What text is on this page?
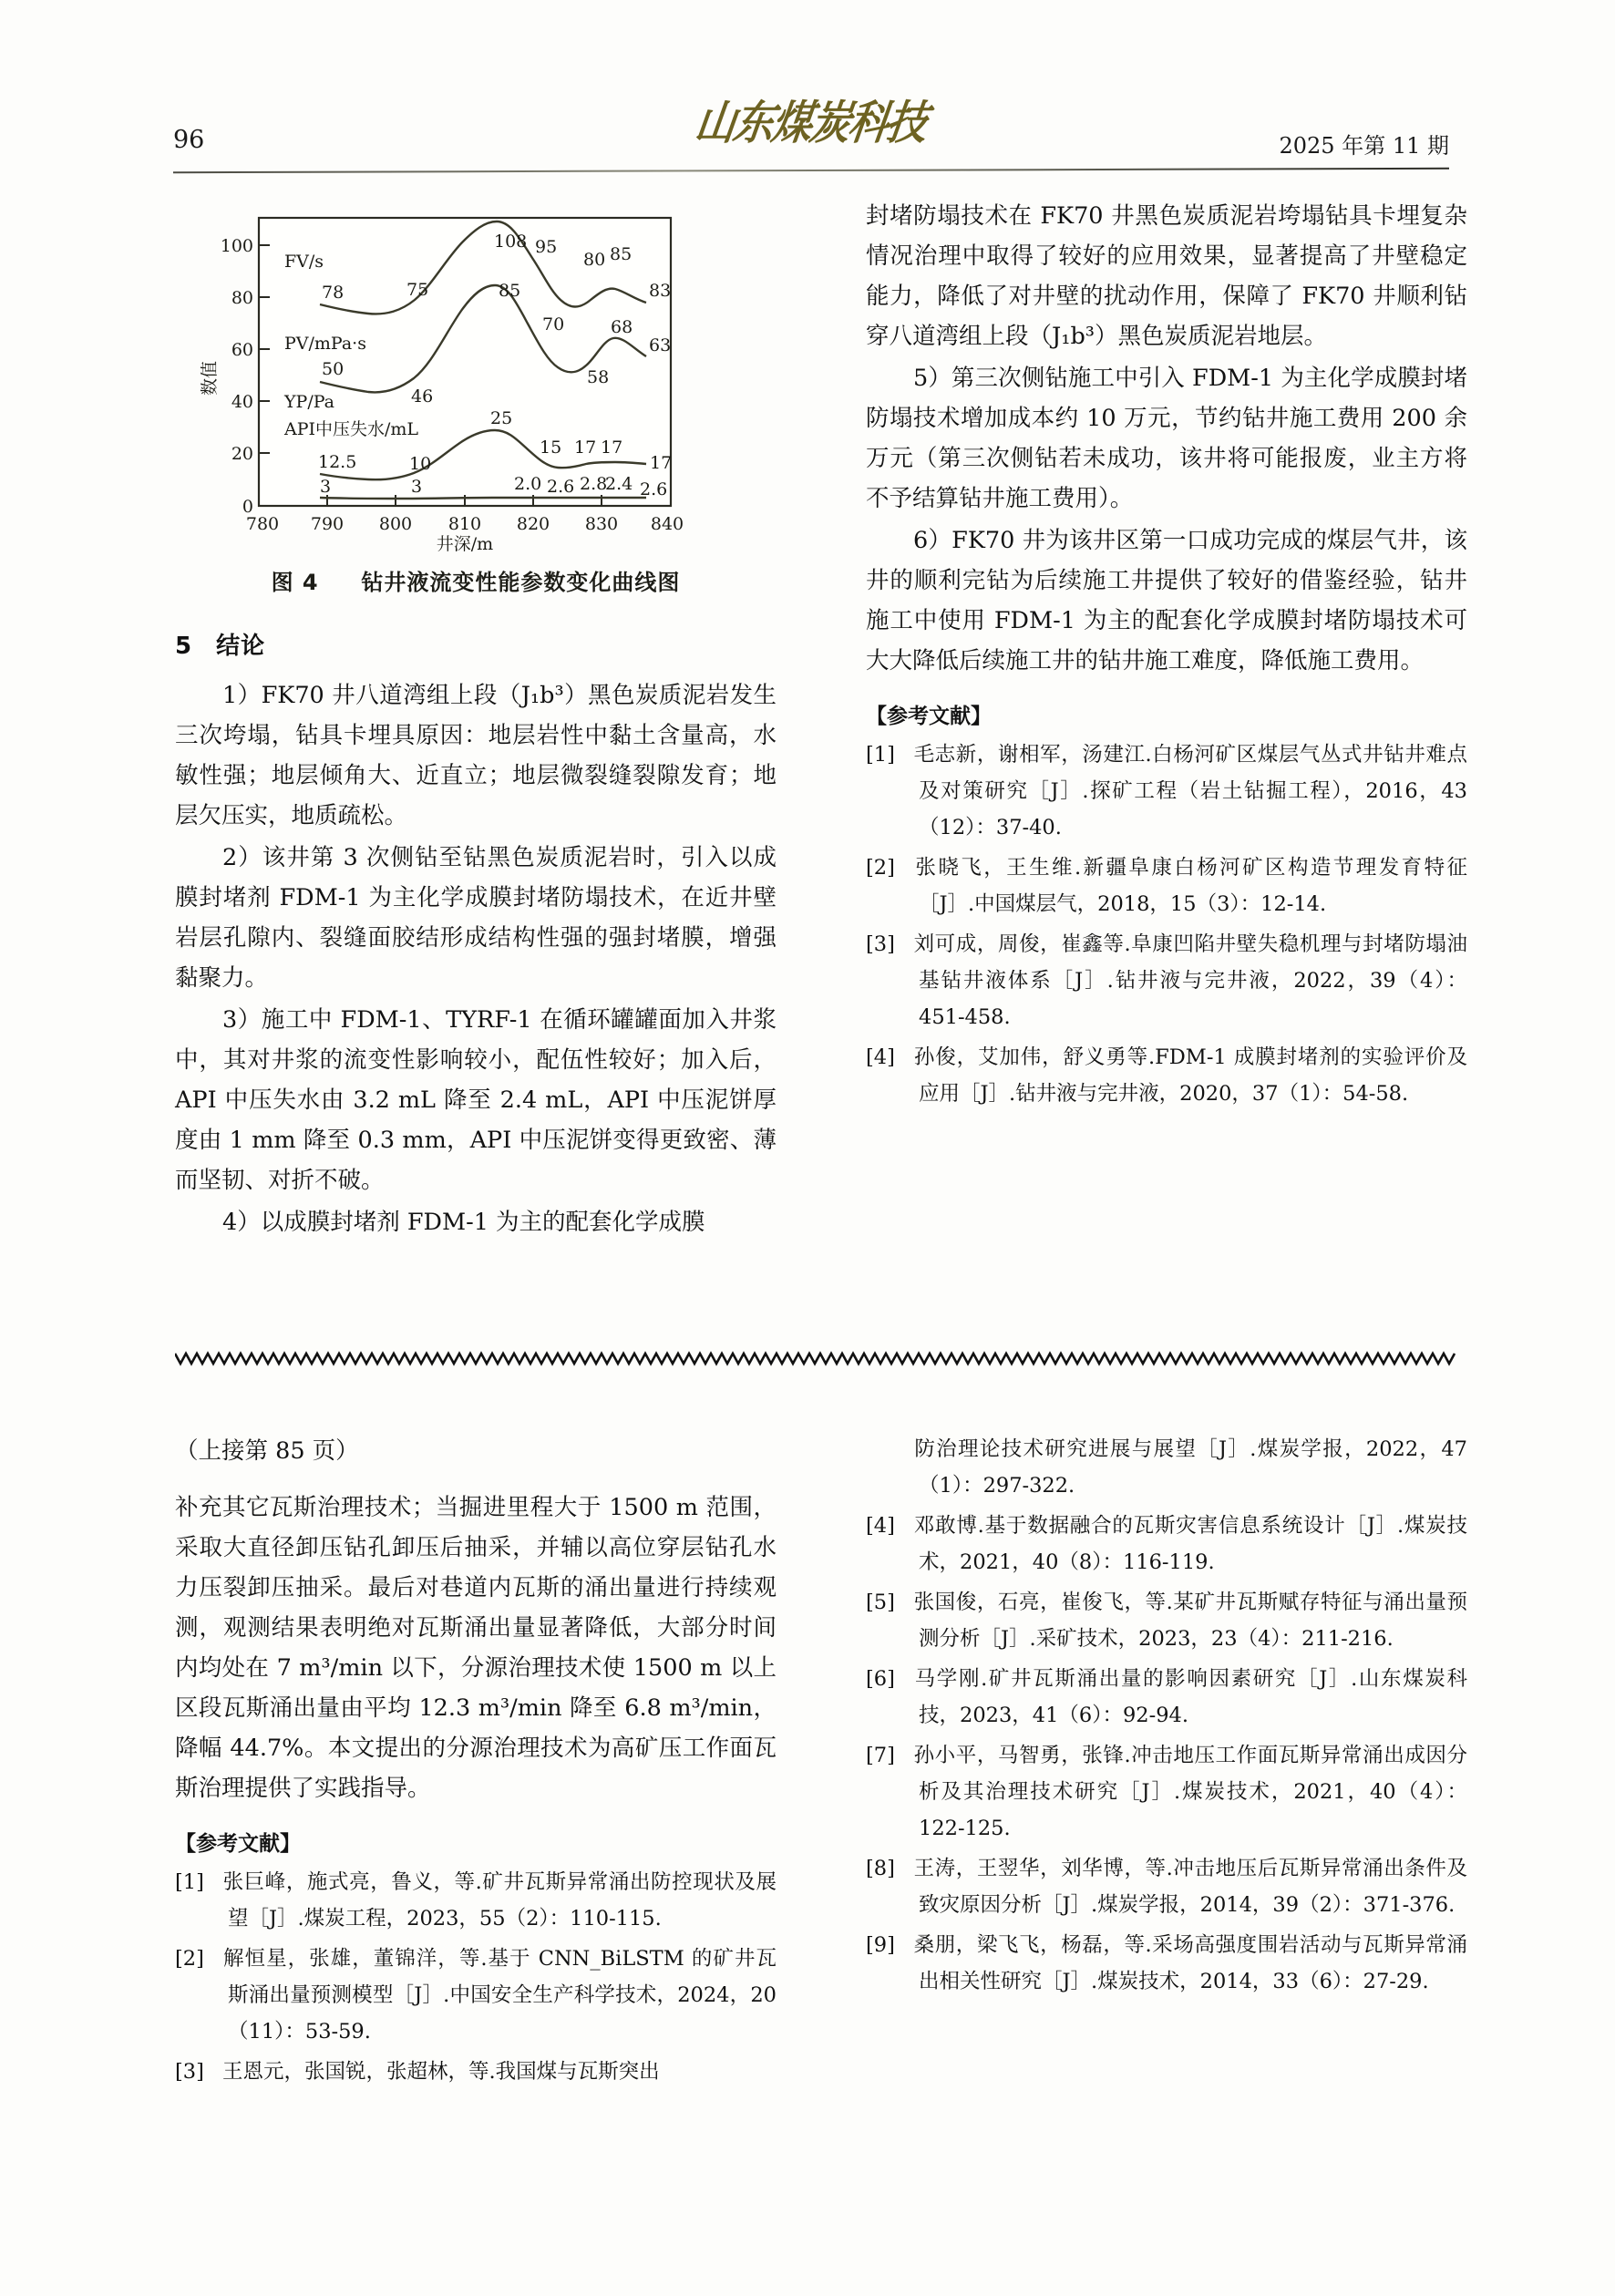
96	山东煤炭科技	2025 年第 11 期
100
80
60
40
20
0
数值
780 790 800 810 820 830 840
井深/m
FV/s
PV/mPa·s
YP/Pa
API中压失水/mL
78	75
108 95
80 85
83
50
46
85
70
58
68
63
12.5	10
25
15 17 17
17
3	3	2.0 2.6 2.8
2.4 2.6
图 4 钻井液流变性能参数变化曲线图
5 结论

1）FK70 井八道湾组上段（J₁b³）黑色炭质泥岩发生三次垮塌，钻具卡埋具原因：地层岩性中黏土含量高，水敏性强；地层倾角大、近直立；地层微裂缝裂隙发育；地层欠压实，地质疏松。

2）该井第 3 次侧钻至钻黑色炭质泥岩时，引入以成膜封堵剂 FDM-1 为主化学成膜封堵防塌技术，在近井壁岩层孔隙内、裂缝面胶结形成结构性强的强封堵膜，增强黏聚力。

3）施工中 FDM-1、TYRF-1 在循环罐罐面加入井浆中，其对井浆的流变性影响较小，配伍性较好；加入后，API 中压失水由 3.2 mL 降至 2.4 mL，API 中压泥饼厚度由 1 mm 降至 0.3 mm，API 中压泥饼变得更致密、薄而坚韧、对折不破。

4）以成膜封堵剂 FDM-1 为主的配套化学成膜

封堵防塌技术在 FK70 井黑色炭质泥岩垮塌钻具卡埋复杂情况治理中取得了较好的应用效果，显著提高了井壁稳定能力，降低了对井壁的扰动作用，保障了 FK70 井顺利钻穿八道湾组上段（J₁b³）黑色炭质泥岩地层。

5）第三次侧钻施工中引入 FDM-1 为主化学成膜封堵防塌技术增加成本约 10 万元，节约钻井施工费用 200 余万元（第三次侧钻若未成功，该井将可能报废，业主方将不予结算钻井施工费用）。

6）FK70 井为该井区第一口成功完成的煤层气井，该井的顺利完钻为后续施工井提供了较好的借鉴经验，钻井施工中使用 FDM-1 为主的配套化学成膜封堵防塌技术可大大降低后续施工井的钻井施工难度，降低施工费用。

【参考文献】

[1] 毛志新，谢相军，汤建江.白杨河矿区煤层气丛式井钻井难点及对策研究［J］.探矿工程（岩土钻掘工程），2016，43（12）：37-40.

[2] 张晓飞，王生维.新疆阜康白杨河矿区构造节理发育特征［J］.中国煤层气，2018，15（3）：12-14.

[3] 刘可成，周俊，崔鑫等.阜康凹陷井壁失稳机理与封堵防塌油基钻井液体系［J］.钻井液与完井液，2022，39（4）：451-458.

[4] 孙俊，艾加伟，舒义勇等.FDM-1 成膜封堵剂的实验评价及应用［J］.钻井液与完井液，2020，37（1）：54-58.

（上接第 85 页）

补充其它瓦斯治理技术；当掘进里程大于 1500 m 范围，采取大直径卸压钻孔卸压后抽采，并辅以高位穿层钻孔水力压裂卸压抽采。最后对巷道内瓦斯的涌出量进行持续观测，观测结果表明绝对瓦斯涌出量显著降低，大部分时间内均处在 7 m³/min 以下，分源治理技术使 1500 m 以上区段瓦斯涌出量由平均 12.3 m³/min 降至 6.8 m³/min，降幅 44.7%。本文提出的分源治理技术为高矿压工作面瓦斯治理提供了实践指导。

【参考文献】

[1] 张巨峰，施式亮，鲁义，等.矿井瓦斯异常涌出防控现状及展望［J］.煤炭工程，2023，55（2）：110-115.

[2] 解恒星，张雄，董锦洋，等.基于 CNN_BiLSTM 的矿井瓦斯涌出量预测模型［J］.中国安全生产科学技术，2024，20（11）：53-59.

[3] 王恩元，张国锐，张超林，等.我国煤与瓦斯突出

防治理论技术研究进展与展望［J］.煤炭学报，2022，47（1）：297-322.

[4] 邓敢博.基于数据融合的瓦斯灾害信息系统设计［J］.煤炭技术，2021，40（8）：116-119.

[5] 张国俊，石亮，崔俊飞，等.某矿井瓦斯赋存特征与涌出量预测分析［J］.采矿技术，2023，23（4）：211-216.

[6] 马学刚.矿井瓦斯涌出量的影响因素研究［J］.山东煤炭科技，2023，41（6）：92-94.

[7] 孙小平，马智勇，张锋.冲击地压工作面瓦斯异常涌出成因分析及其治理技术研究［J］.煤炭技术，2021，40（4）：122-125.

[8] 王涛，王翌华，刘华博，等.冲击地压后瓦斯异常涌出条件及致灾原因分析［J］.煤炭学报，2014，39（2）：371-376.

[9] 桑朋，梁飞飞，杨磊，等.采场高强度围岩活动与瓦斯异常涌出相关性研究［J］.煤炭技术，2014，33（6）：27-29.
